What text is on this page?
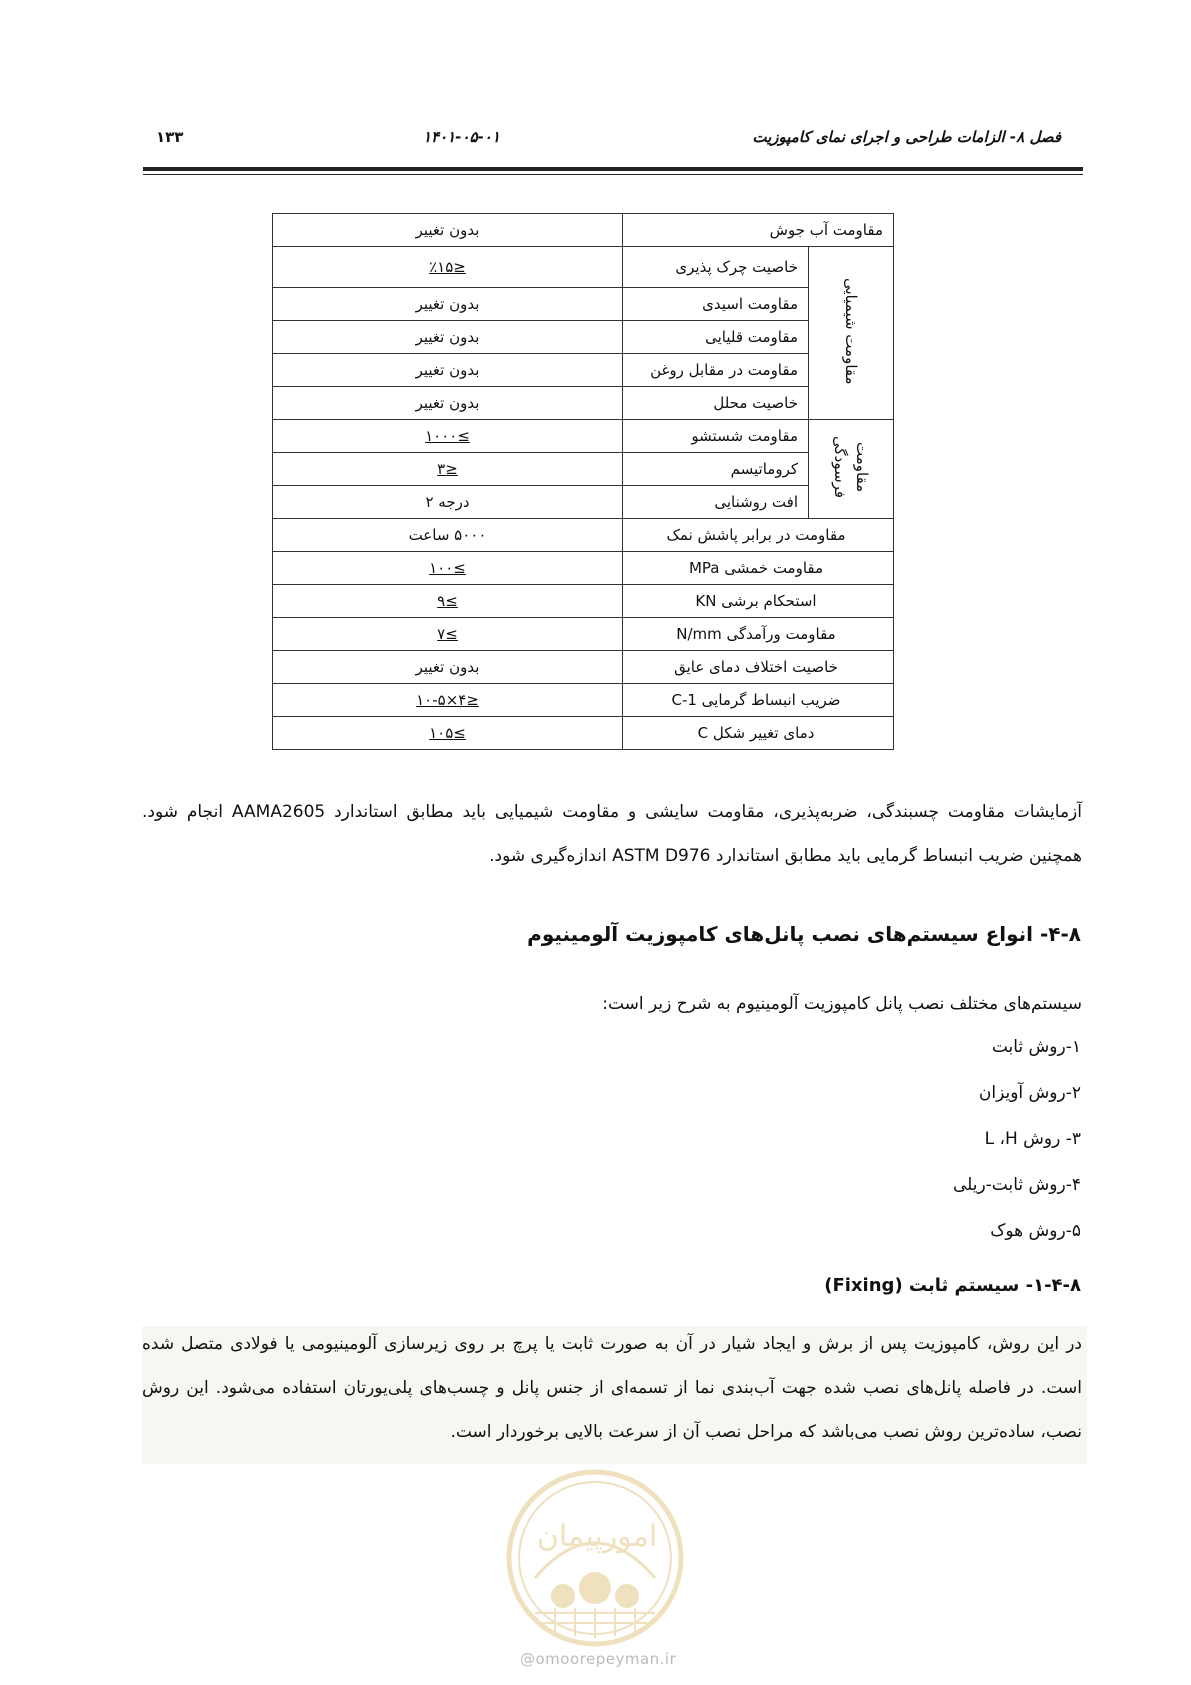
فصل ۸- الزامات طراحی و اجرای نمای کامپوزیت
۱۴۰۱-۰۵-۰۱
۱۳۳
مقاومت آب جوش		بدون تغییر
مقاومت شیمیایی	خاصیت چرک پذیری	≤٪۱۵
	مقاومت اسیدی	بدون تغییر
	مقاومت قلیایی	بدون تغییر
	مقاومت در مقابل روغن	بدون تغییر
	خاصیت محلل	بدون تغییر
مقاومت فرسودگی	مقاومت شستشو	≥۱۰۰۰
	کروماتیسم	≤۳
	افت روشنایی	درجه ۲
مقاومت در برابر پاشش نمک		۵۰۰۰ ساعت
مقاومت خمشی MPa		≥۱۰۰
استحکام برشی KN		≥۹
مقاومت ورآمدگی N/mm		≥۷
خاصیت اختلاف دمای عایق		بدون تغییر
ضریب انبساط گرمایی C-1		≤۴×۱۰-۵
دمای تغییر شکل C		≥۱۰۵
آزمایشات مقاومت چسبندگی، ضربه‌پذیری، مقاومت سایشی و مقاومت شیمیایی باید مطابق استاندارد AAMA2605 انجام شود. همچنین ضریب انبساط گرمایی باید مطابق استاندارد ASTM D976 اندازه‌گیری شود.
۴-۸- انواع سیستم‌های نصب پانل‌های کامپوزیت آلومینیوم
سیستم‌های مختلف نصب پانل کامپوزیت آلومینیوم به شرح زیر است:
۱-روش ثابت
۲-روش آویزان
۳- روش L ،H
۴-روش ثابت-ریلی
۵-روش هوک
۱-۴-۸- سیستم ثابت (Fixing)
در این روش، کامپوزیت پس از برش و ایجاد شیار در آن به صورت ثابت یا پرچ بر روی زیرسازی آلومینیومی یا فولادی متصل شده است. در فاصله پانل‌های نصب شده جهت آب‌بندی نما از تسمه‌ای از جنس پانل و چسب‌های پلی‌یورتان استفاده می‌شود. این روش نصب، ساده‌ترین روش نصب می‌باشد که مراحل نصب آن از سرعت بالایی برخوردار است.
امورپیمان
@omoorepeyman.ir
